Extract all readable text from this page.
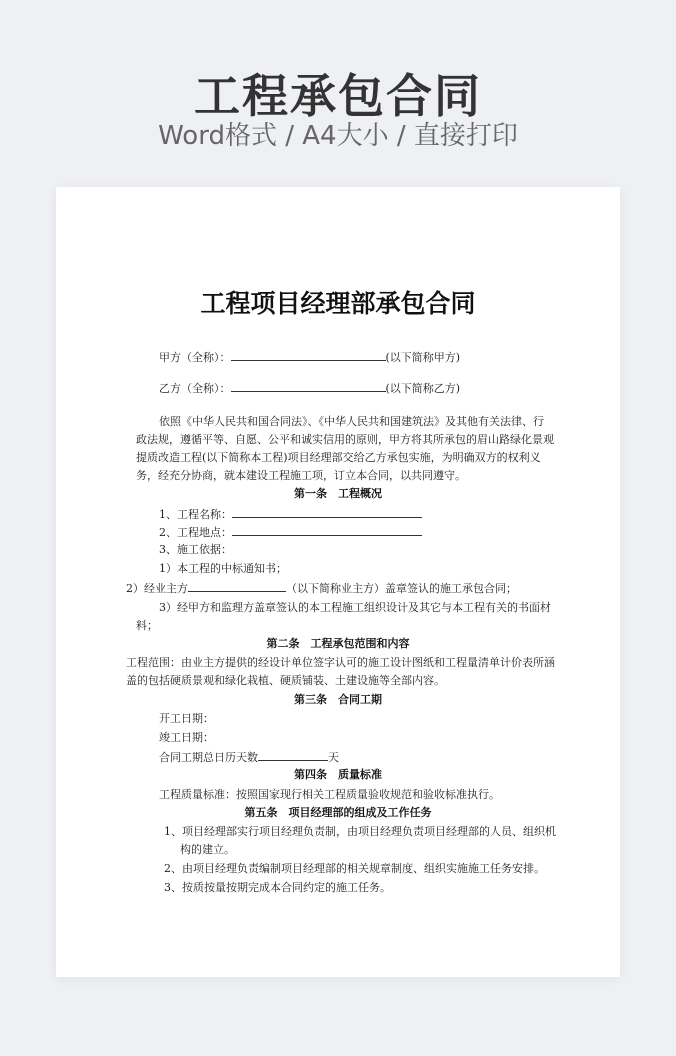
工程承包合同
Word格式 / A4大小 / 直接打印
工程项目经理部承包合同
甲方（全称）：	(以下简称甲方)
乙方（全称）：	(以下简称乙方)
依照《中华人民共和国合同法》、《中华人民共和国建筑法》及其他有关法律、行
政法规，遵循平等、自愿、公平和诚实信用的原则，甲方将其所承包的眉山路绿化景观
提质改造工程(以下简称本工程)项目经理部交给乙方承包实施，为明确双方的权利义
务，经充分协商，就本建设工程施工项，订立本合同，以共同遵守。
第一条　工程概况
1、工程名称：
2、工程地点：
3、施工依据：
1）本工程的中标通知书；
2）经业主方	（以下简称业主方）盖章签认的施工承包合同；
3）经甲方和监理方盖章签认的本工程施工组织设计及其它与本工程有关的书面材
料；
第二条　工程承包范围和内容
工程范围：由业主方提供的经设计单位签字认可的施工设计图纸和工程量清单计价表所涵
盖的包括硬质景观和绿化栽植、硬质铺装、土建设施等全部内容。
第三条　合同工期
开工日期：
竣工日期：
合同工期总日历天数	天
第四条　质量标准
工程质量标准：按照国家现行相关工程质量验收规范和验收标准执行。
第五条　项目经理部的组成及工作任务
1、项目经理部实行项目经理负责制，由项目经理负责项目经理部的人员、组织机
构的建立。
2、由项目经理负责编制项目经理部的相关规章制度、组织实施施工任务安排。
3、按质按量按期完成本合同约定的施工任务。
